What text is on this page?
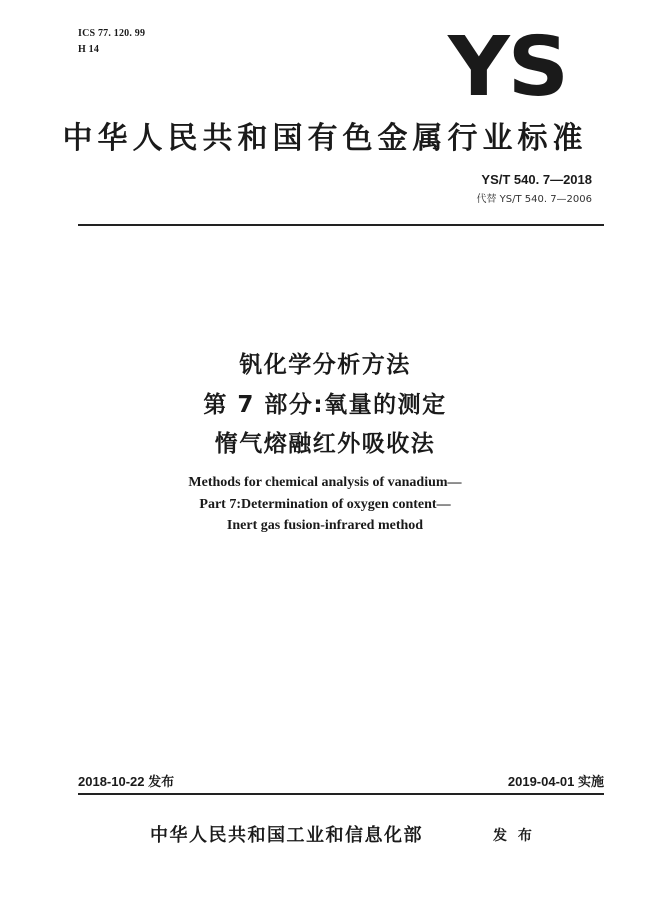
ICS 77. 120. 99
H 14	YS
中华人民共和国有色金属行业标准
YS/T 540. 7—2018
代替 YS/T 540. 7—2006
钒化学分析方法
第 7 部分:氧量的测定
惰气熔融红外吸收法
Methods for chemical analysis of vanadium—
Part 7:Determination of oxygen content—
Inert gas fusion-infrared method
2018-10-22 发布	2019-04-01 实施
中华人民共和国工业和信息化部	发 布
